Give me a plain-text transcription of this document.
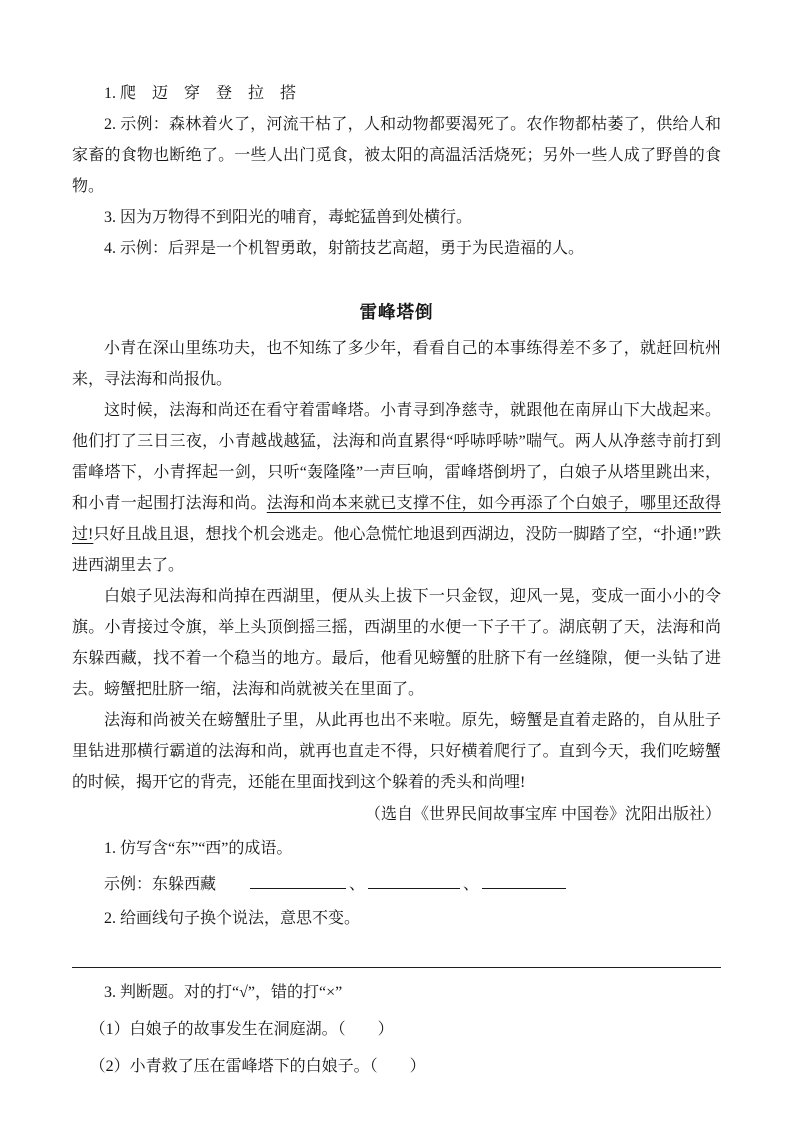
1. 爬　迈　穿　登　拉　搭

2. 示例：森林着火了，河流干枯了，人和动物都要渴死了。农作物都枯萎了，供给人和家畜的食物也断绝了。一些人出门觅食，被太阳的高温活活烧死；另外一些人成了野兽的食物。

3. 因为万物得不到阳光的哺育，毒蛇猛兽到处横行。

4. 示例：后羿是一个机智勇敢，射箭技艺高超，勇于为民造福的人。

雷峰塔倒

小青在深山里练功夫，也不知练了多少年，看看自己的本事练得差不多了，就赶回杭州来，寻法海和尚报仇。

这时候，法海和尚还在看守着雷峰塔。小青寻到净慈寺，就跟他在南屏山下大战起来。他们打了三日三夜，小青越战越猛，法海和尚直累得“呼哧呼哧”喘气。两人从净慈寺前打到雷峰塔下，小青挥起一剑，只听“轰隆隆”一声巨响，雷峰塔倒坍了，白娘子从塔里跳出来，和小青一起围打法海和尚。法海和尚本来就已支撑不住，如今再添了个白娘子，哪里还敌得过!只好且战且退，想找个机会逃走。他心急慌忙地退到西湖边，没防一脚踏了空，“扑通!”跌进西湖里去了。

白娘子见法海和尚掉在西湖里，便从头上拔下一只金钗，迎风一晃，变成一面小小的令旗。小青接过令旗，举上头顶倒摇三摇，西湖里的水便一下子干了。湖底朝了天，法海和尚东躲西藏，找不着一个稳当的地方。最后，他看见螃蟹的肚脐下有一丝缝隙，便一头钻了进去。螃蟹把肚脐一缩，法海和尚就被关在里面了。

法海和尚被关在螃蟹肚子里，从此再也出不来啦。原先，螃蟹是直着走路的，自从肚子里钻进那横行霸道的法海和尚，就再也直走不得，只好横着爬行了。直到今天，我们吃螃蟹的时候，揭开它的背壳，还能在里面找到这个躲着的秃头和尚哩!

（选自《世界民间故事宝库 中国卷》沈阳出版社）

1. 仿写含“东”“西”的成语。

示例：东躲西藏	、	、

2. 给画线句子换个说法，意思不变。

3. 判断题。对的打“√”，错的打“×”

（1）白娘子的故事发生在洞庭湖。（　　）

（2）小青救了压在雷峰塔下的白娘子。（　　）
